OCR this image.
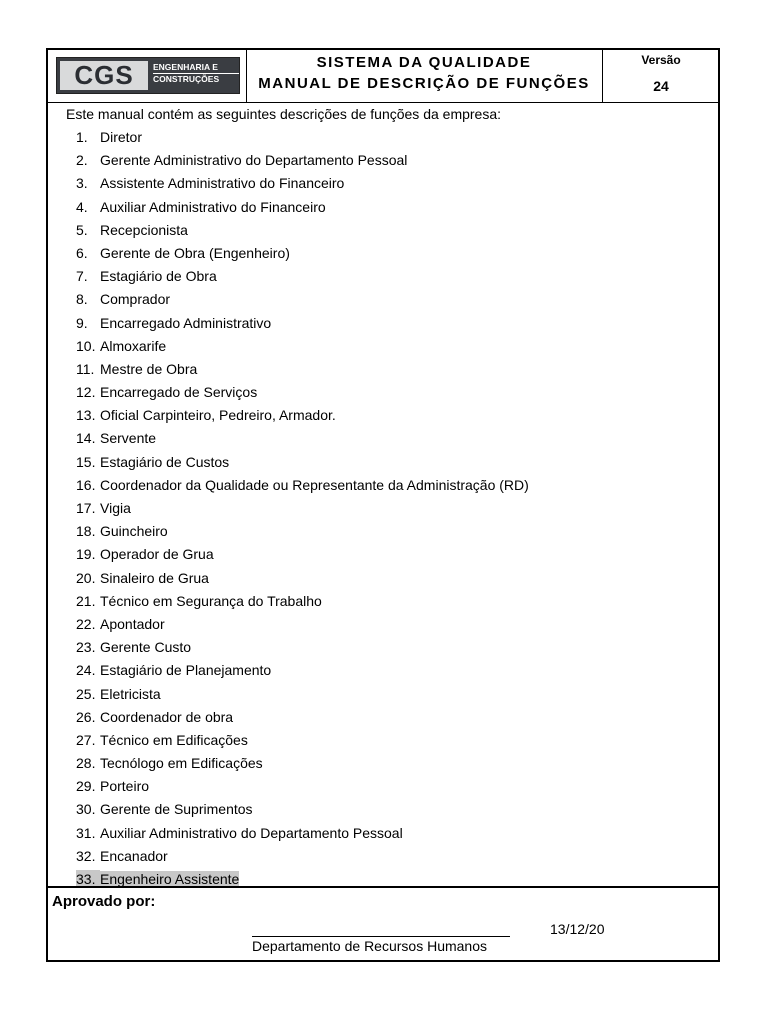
CGS	ENGENHARIA E
CONSTRUÇÕES
SISTEMA DA QUALIDADE
MANUAL DE DESCRIÇÃO DE FUNÇÕES
Versão
24
Este manual contém as seguintes descrições de funções da empresa:
1. Diretor
2. Gerente Administrativo do Departamento Pessoal
3. Assistente Administrativo do Financeiro
4. Auxiliar Administrativo do Financeiro
5. Recepcionista
6. Gerente de Obra (Engenheiro)
7. Estagiário de Obra
8. Comprador
9. Encarregado Administrativo
10. Almoxarife
11. Mestre de Obra
12. Encarregado de Serviços
13. Oficial Carpinteiro, Pedreiro, Armador.
14. Servente
15. Estagiário de Custos
16. Coordenador da Qualidade ou Representante da Administração (RD)
17. Vigia
18. Guincheiro
19. Operador de Grua
20. Sinaleiro de Grua
21. Técnico em Segurança do Trabalho
22. Apontador
23. Gerente Custo
24. Estagiário de Planejamento
25. Eletricista
26. Coordenador de obra
27. Técnico em Edificações
28. Tecnólogo em Edificações
29. Porteiro
30. Gerente de Suprimentos
31. Auxiliar Administrativo do Departamento Pessoal
32. Encanador
33. Engenheiro Assistente
Aprovado por:
13/12/20
Departamento de Recursos Humanos
